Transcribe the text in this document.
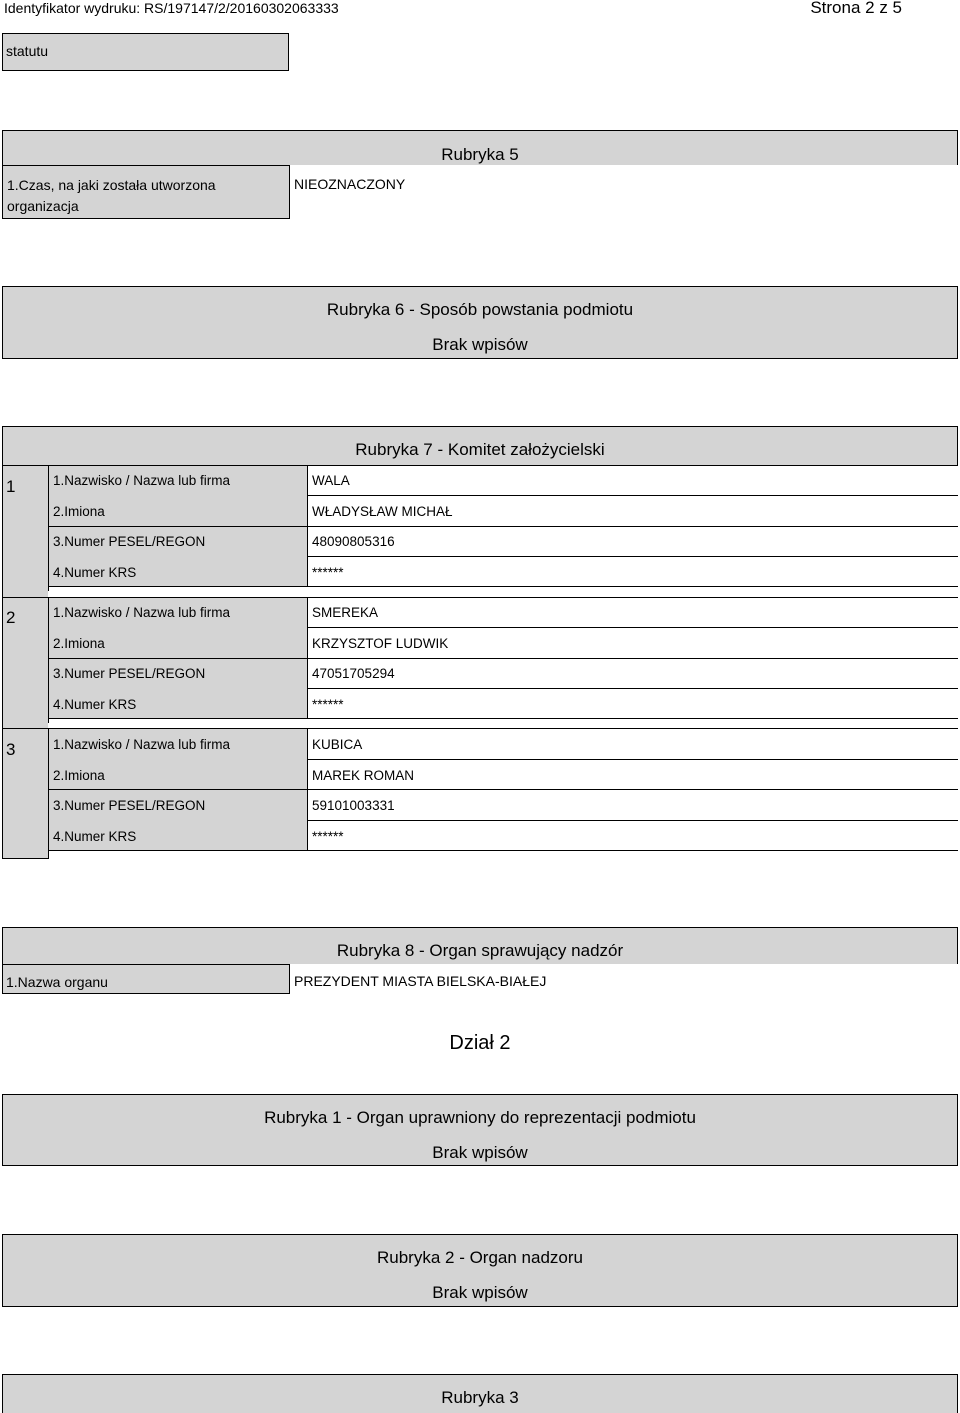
Identyfikator wydruku: RS/197147/2/20160302063333	Strona 2 z 5
statutu
Rubryka 5
1.Czas, na jaki została utworzona
organizacja
NIEOZNACZONY
Rubryka 6 - Sposób powstania podmiotu
Brak wpisów
Rubryka 7 - Komitet założycielski
1	1.Nazwisko / Nazwa lub firma	WALA
2.Imiona	WŁADYSŁAW MICHAŁ
3.Numer PESEL/REGON	48090805316
4.Numer KRS	******
2	1.Nazwisko / Nazwa lub firma	SMEREKA
2.Imiona	KRZYSZTOF LUDWIK
3.Numer PESEL/REGON	47051705294
4.Numer KRS	******
3	1.Nazwisko / Nazwa lub firma	KUBICA
2.Imiona	MAREK ROMAN
3.Numer PESEL/REGON	59101003331
4.Numer KRS	******
Rubryka 8 - Organ sprawujący nadzór
1.Nazwa organu	PREZYDENT MIASTA BIELSKA-BIAŁEJ
Dział 2
Rubryka 1 - Organ uprawniony do reprezentacji podmiotu
Brak wpisów
Rubryka 2 - Organ nadzoru
Brak wpisów
Rubryka 3
